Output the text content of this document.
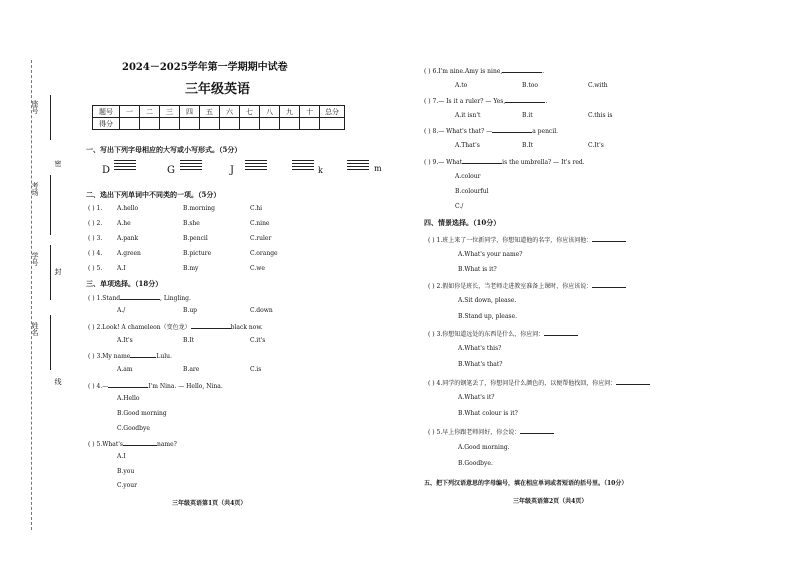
座号
考场
学号
姓名
密
封
线
2024－2025学年第一学期期中试卷
三年级英语
题号	一	二	三	四	五	六	七	八	九	十	总分
得分											
一、写出下列字母相应的大写或小写形式。（5分）
D	G	J	k	m
二、选出下列单词中不同类的一项。（5分）
( ) 1. A.hello	B.morning	C.hi
( ) 2. A.he	B.she	C.nine
( ) 3. A.pank	B.pencil	C.ruler
( ) 4. A.green	B.picture	C.orange
( ) 5. A.I	B.my	C.we
三、单项选择。（18分）
( ) 1.Stand	, Lingling.
A./	B.up	C.down
( ) 2.Look! A chameleon（变色龙）	black now.
A.It's	B.It	C.it's
( ) 3.My name	Lulu.
A.am	B.are	C.is
( ) 4.—	I'm Nina. — Hello, Nina.
A.Hello
B.Good morning
C.Goodbye
( ) 5.What's	name?
A.I
B.you
C.your
三年级英语第1页（共4页）
( ) 6.I'm nine.Amy is nine,	.
A.to	B.too	C.with
( ) 7.— Is it a ruler? — Yes,	.
A.it isn't	B.it	C.this is
( ) 8.— What's that? —	a pencil.
A.That's	B.It	C.It's
( ) 9.— What	is the umbrella? — It's red.
A.colour
B.colourful
C./
四、情景选择。（10分）
( ) 1.班上来了一位新同学，你想知道他的名字，你应该问他：
A.What's your name?
B.What is it?
( ) 2.假如你是班长，当老师走进教室准备上课时，你应该说：
A.Sit down, please.
B.Stand up, please.
( ) 3.你想知道远处的东西是什么，你应问：
A.What's this?
B.What's that?
( ) 4.同学的钢笔丢了，你想问是什么颜色的，以便帮他找回，你应问：
A.What's it?
B.What colour is it?
( ) 5.早上你跟老师问好，你会说：
A.Good morning.
B.Goodbye.
五、把下列汉语意思的字母编号，填在相应单词或者短语的括号里。（10分）
三年级英语第2页（共4页）
